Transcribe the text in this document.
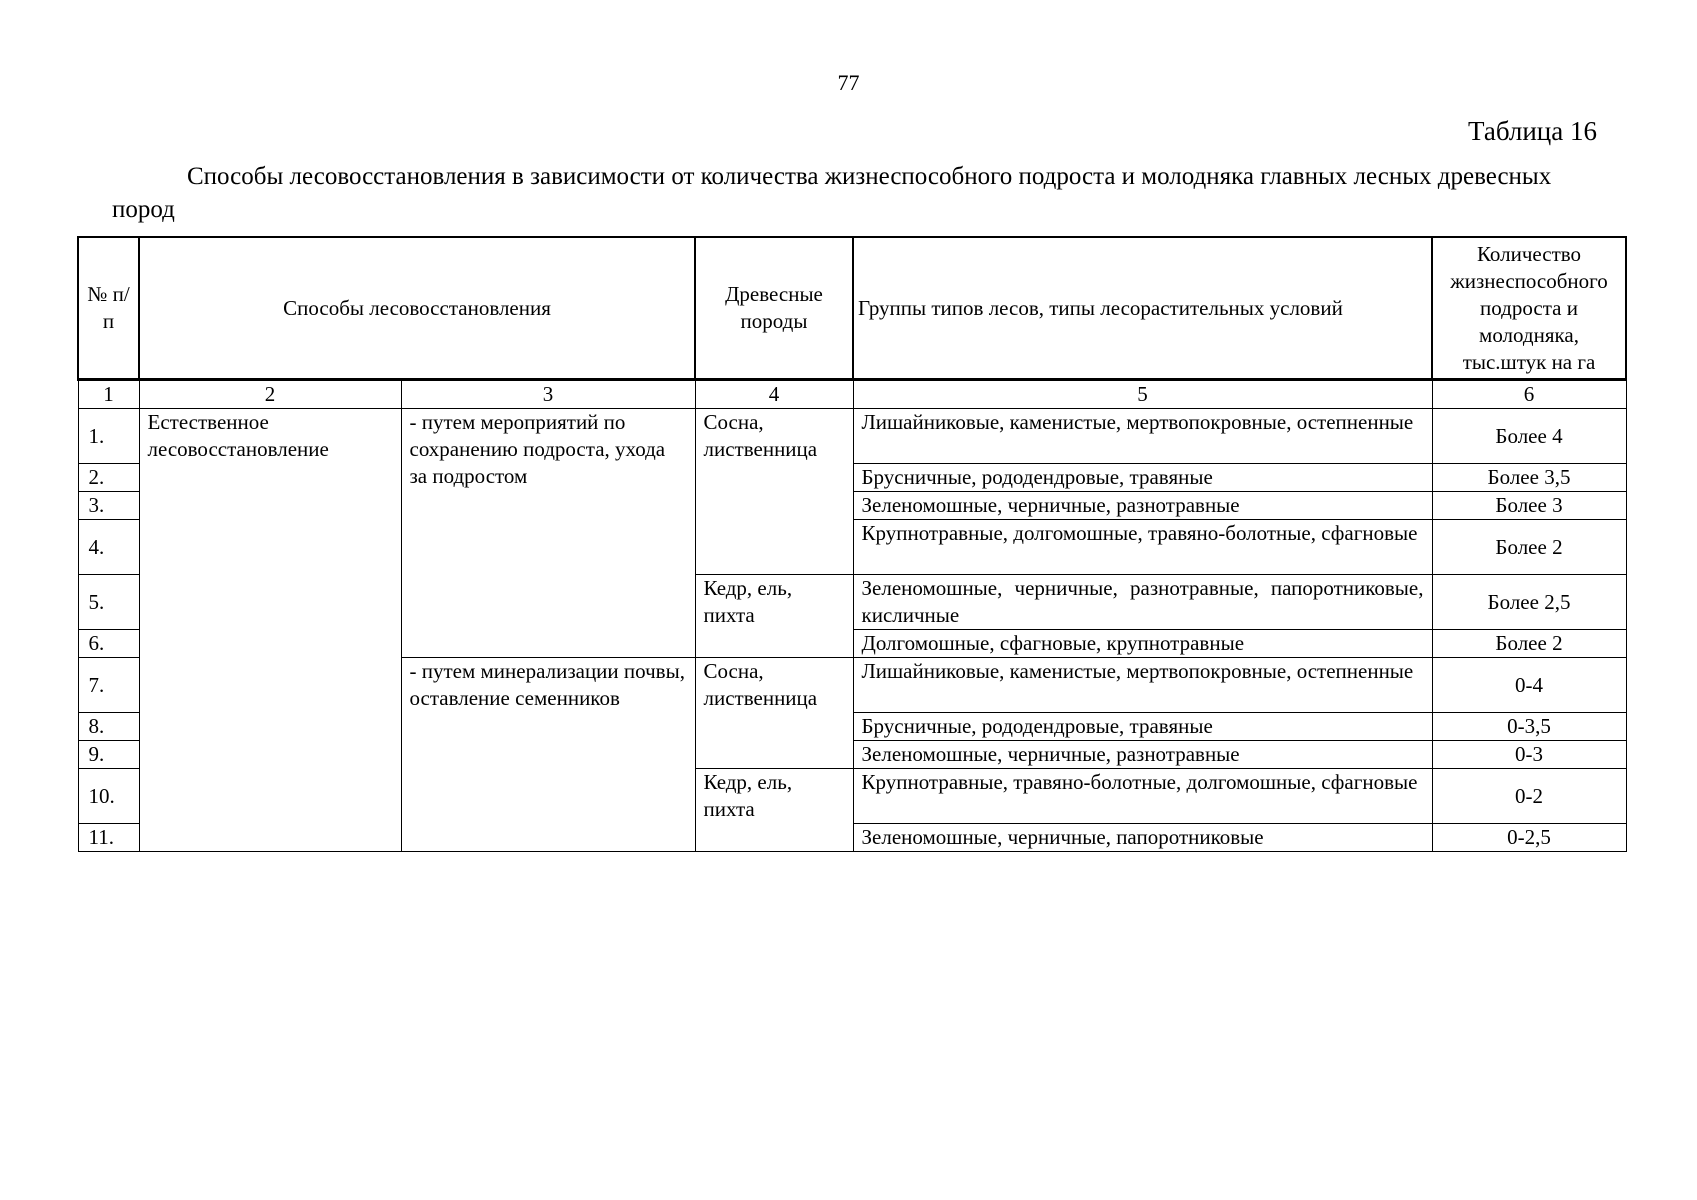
77
Таблица 16
Способы лесовосстановления в зависимости от количества жизнеспособного подроста и молодняка главных лесных древесных пород
№ п/п	Способы лесовосстановления		Древесные породы	Группы типов лесов, типы лесорастительных условий	Количество жизнеспособного подроста и молодняка, тыс.штук на га
1	2	3	4	5	6
1.	Естественное лесовосстановление	- путем мероприятий по сохранению подроста, ухода за подростом	Сосна, лиственница	Лишайниковые, каменистые, мертвопокровные, остепненные	Более 4
2.				Брусничные, рододендровые, травяные	Более 3,5
3.				Зеленомошные, черничные, разнотравные	Более 3
4.				Крупнотравные, долгомошные, травяно-болотные, сфагновые	Более 2
5.			Кедр, ель, пихта	Зеленомошные, черничные, разнотравные, папоротниковые, кисличные	Более 2,5
6.				Долгомошные, сфагновые, крупнотравные	Более 2
7.		- путем минерализации почвы, оставление семенников	Сосна, лиственница	Лишайниковые, каменистые, мертвопокровные, остепненные	0-4
8.				Брусничные, рододендровые, травяные	0-3,5
9.				Зеленомошные, черничные, разнотравные	0-3
10.			Кедр, ель, пихта	Крупнотравные, травяно-болотные, долгомошные, сфагновые	0-2
11.				Зеленомошные, черничные, папоротниковые	0-2,5
